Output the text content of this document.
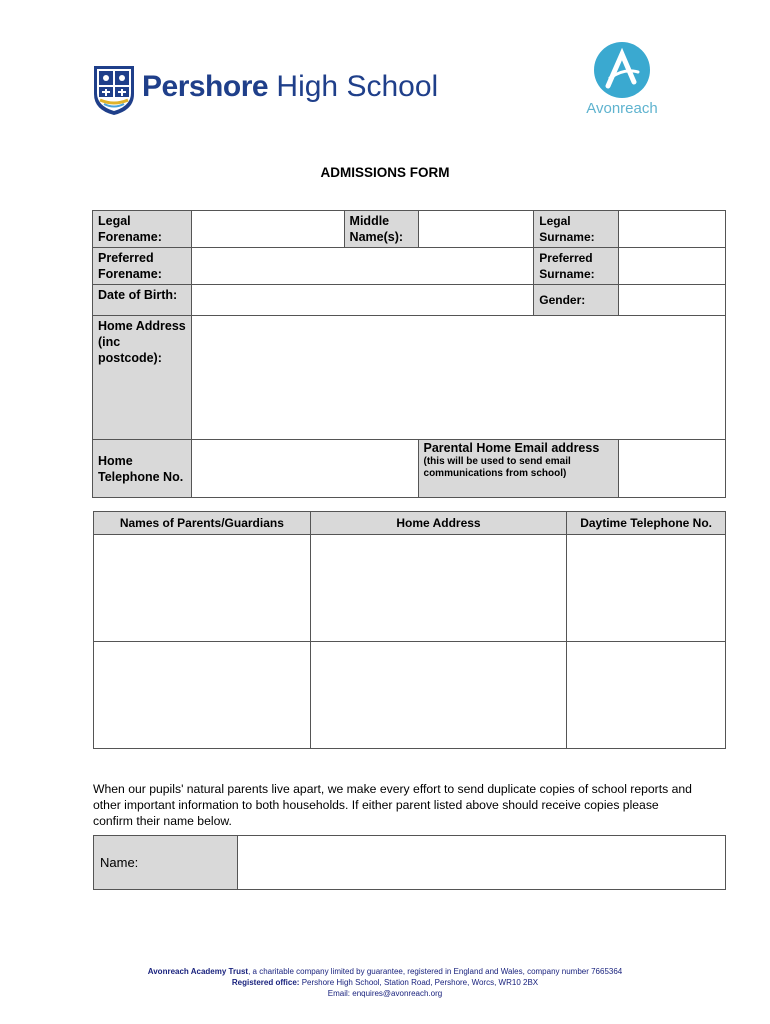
Pershore High School
Avonreach
ADMISSIONS FORM
Legal Forename:		Middle Name(s):		Legal Surname:	
Preferred Forename:				Preferred Surname:	
Date of Birth:				Gender:	
Home Address (inc postcode):					
Home Telephone No.			Parental Home Email address
(this will be used to send email communications from school)		

Names of Parents/Guardians	Home Address	Daytime Telephone No.

When our pupils' natural parents live apart, we make every effort to send duplicate copies of school reports and other important information to both households. If either parent listed above should receive copies please confirm their name below.
Name:	
Avonreach Academy Trust, a charitable company limited by guarantee, registered in England and Wales, company number 7665364
Registered office: Pershore High School, Station Road, Pershore, Worcs, WR10 2BX
Email: enquires@avonreach.org
